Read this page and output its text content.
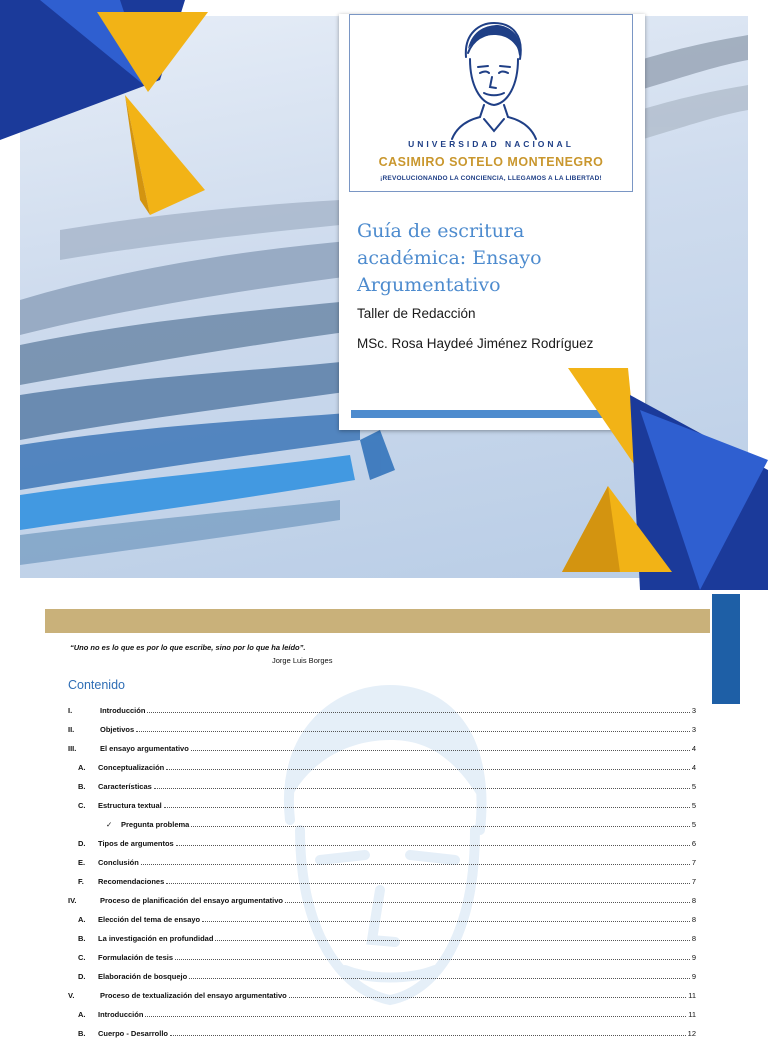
UNIVERSIDAD NACIONAL
CASIMIRO SOTELO MONTENEGRO
¡REVOLUCIONANDO LA CONCIENCIA, LLEGAMOS A LA LIBERTAD!
Guía de escritura académica: Ensayo Argumentativo
Taller de Redacción
MSc. Rosa Haydeé Jiménez Rodríguez
“Uno no es lo que es por lo que escribe, sino por lo que ha leído”.
Jorge Luis Borges
Contenido
I.	Introducción	3
II.	Objetivos	3
III.	El ensayo argumentativo	4
A.	Conceptualización	4
B.	Características	5
C.	Estructura textual	5
✓	Pregunta problema	5
D.	Tipos de argumentos	6
E.	Conclusión	7
F.	Recomendaciones	7
IV.	Proceso de planificación del ensayo argumentativo	8
A.	Elección del tema de ensayo	8
B.	La investigación en profundidad	8
C.	Formulación de tesis	9
D.	Elaboración de bosquejo	9
V.	Proceso de textualización del ensayo argumentativo	11
A.	Introducción	11
B.	Cuerpo - Desarrollo	12
